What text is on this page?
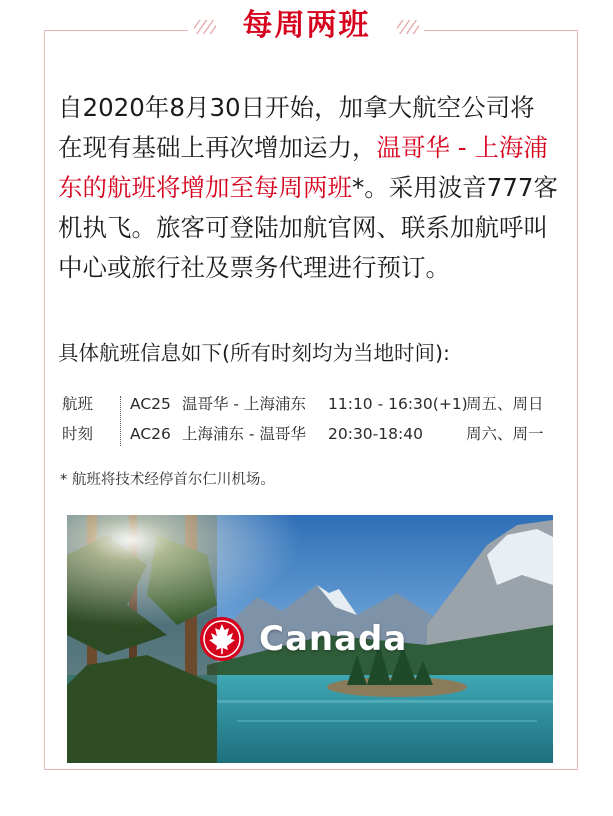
每周两班

自2020年8月30日开始，加拿大航空公司将在现有基础上再次增加运力，温哥华 - 上海浦东的航班将增加至每周两班*。采用波音777客机执飞。旅客可登陆加航官网、联系加航呼叫中心或旅行社及票务代理进行预订。

具体航班信息如下(所有时刻均为当地时间):

航班
时刻
AC25 温哥华 - 上海浦东 11:10 - 16:30(+1)
周五、周日
AC26 上海浦东 - 温哥华 20:30-18:40	周六、周一
* 航班将技术经停首尔仁川机场。
Canada
